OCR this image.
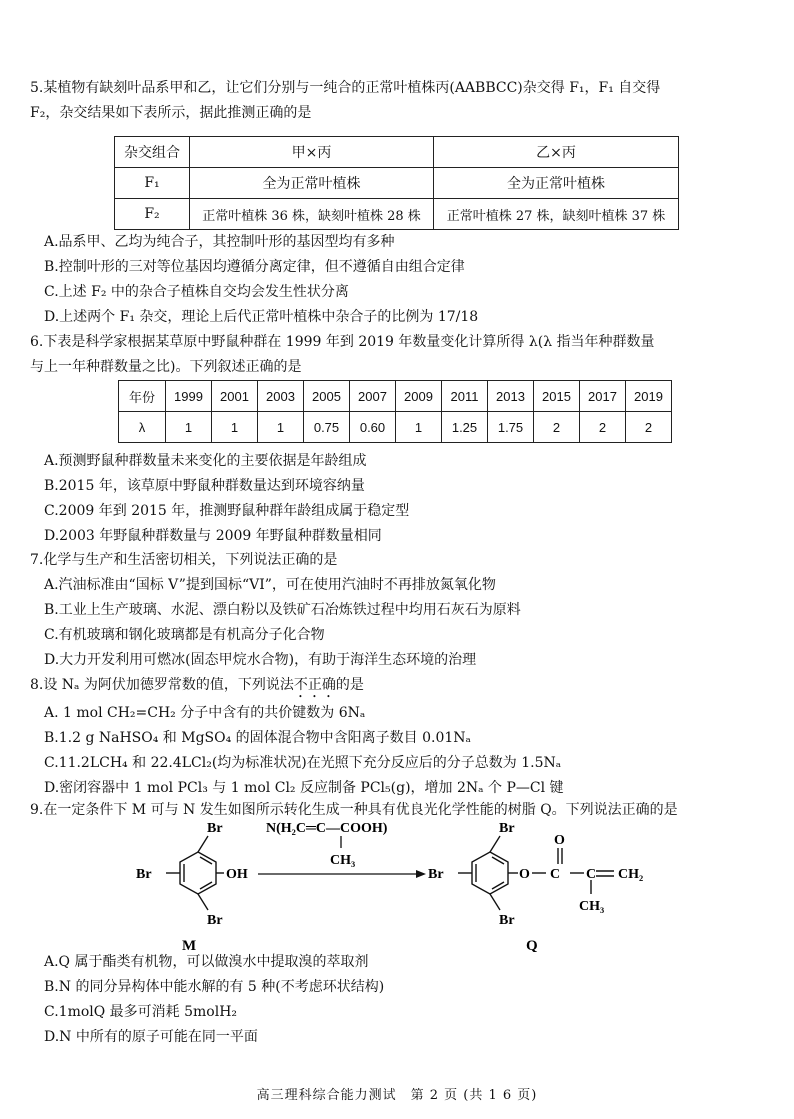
5.某植物有缺刻叶品系甲和乙，让它们分别与一纯合的正常叶植株丙(AABBCC)杂交得 F₁，F₁ 自交得
F₂，杂交结果如下表所示，据此推测正确的是

杂交组合	甲×丙	乙×丙
F₁	全为正常叶植株	全为正常叶植株
F₂	正常叶植株 36 株，缺刻叶植株 28 株	正常叶植株 27 株，缺刻叶植株 37 株
A.品系甲、乙均为纯合子，其控制叶形的基因型均有多种
B.控制叶形的三对等位基因均遵循分离定律，但不遵循自由组合定律
C.上述 F₂ 中的杂合子植株自交均会发生性状分离
D.上述两个 F₁ 杂交，理论上后代正常叶植株中杂合子的比例为 17/18

6.下表是科学家根据某草原中野鼠种群在 1999 年到 2019 年数量变化计算所得 λ(λ 指当年种群数量
与上一年种群数量之比)。下列叙述正确的是

年份	1999	2001	2003	2005	2007	2009	2011	2013	2015	2017	2019
λ	1	1	1	0.75	0.60	1	1.25	1.75	2	2	2
A.预测野鼠种群数量未来变化的主要依据是年龄组成
B.2015 年，该草原中野鼠种群数量达到环境容纳量
C.2009 年到 2015 年，推测野鼠种群年龄组成属于稳定型
D.2003 年野鼠种群数量与 2009 年野鼠种群数量相同

7.化学与生产和生活密切相关，下列说法正确的是

A.汽油标准由“国标 V”提到国标“VI”，可在使用汽油时不再排放氮氧化物
B.工业上生产玻璃、水泥、漂白粉以及铁矿石冶炼铁过程中均用石灰石为原料
C.有机玻璃和钢化玻璃都是有机高分子化合物
D.大力开发利用可燃冰(固态甲烷水合物)，有助于海洋生态环境的治理

8.设 Nₐ 为阿伏加德罗常数的值，下列说法不正确的是

A. 1 mol CH₂=CH₂ 分子中含有的共价键数为 6Nₐ
B.1.2 g NaHSO₄ 和 MgSO₄ 的固体混合物中含阳离子数目 0.01Nₐ
C.11.2LCH₄ 和 22.4LCl₂(均为标准状况)在光照下充分反应后的分子总数为 1.5Nₐ
D.密闭容器中 1 mol PCl₃ 与 1 mol Cl₂ 反应制备 PCl₅(g)，增加 2Nₐ 个 P—Cl 键

9.在一定条件下 M 可与 N 发生如图所示转化生成一种具有优良光化学性能的树脂 Q。下列说法正确的是

Br
Br
Br	OH
M
N(H₂C═C—COOH)
CH₃
Br
Br
Br
O C
O
C CH₂
CH₃
Q
A.Q 属于酯类有机物，可以做溴水中提取溴的萃取剂
B.N 的同分异构体中能水解的有 5 种(不考虑环状结构)
C.1molQ 最多可消耗 5molH₂
D.N 中所有的原子可能在同一平面
高三理科综合能力测试　第 2 页 (共 1 6 页)
